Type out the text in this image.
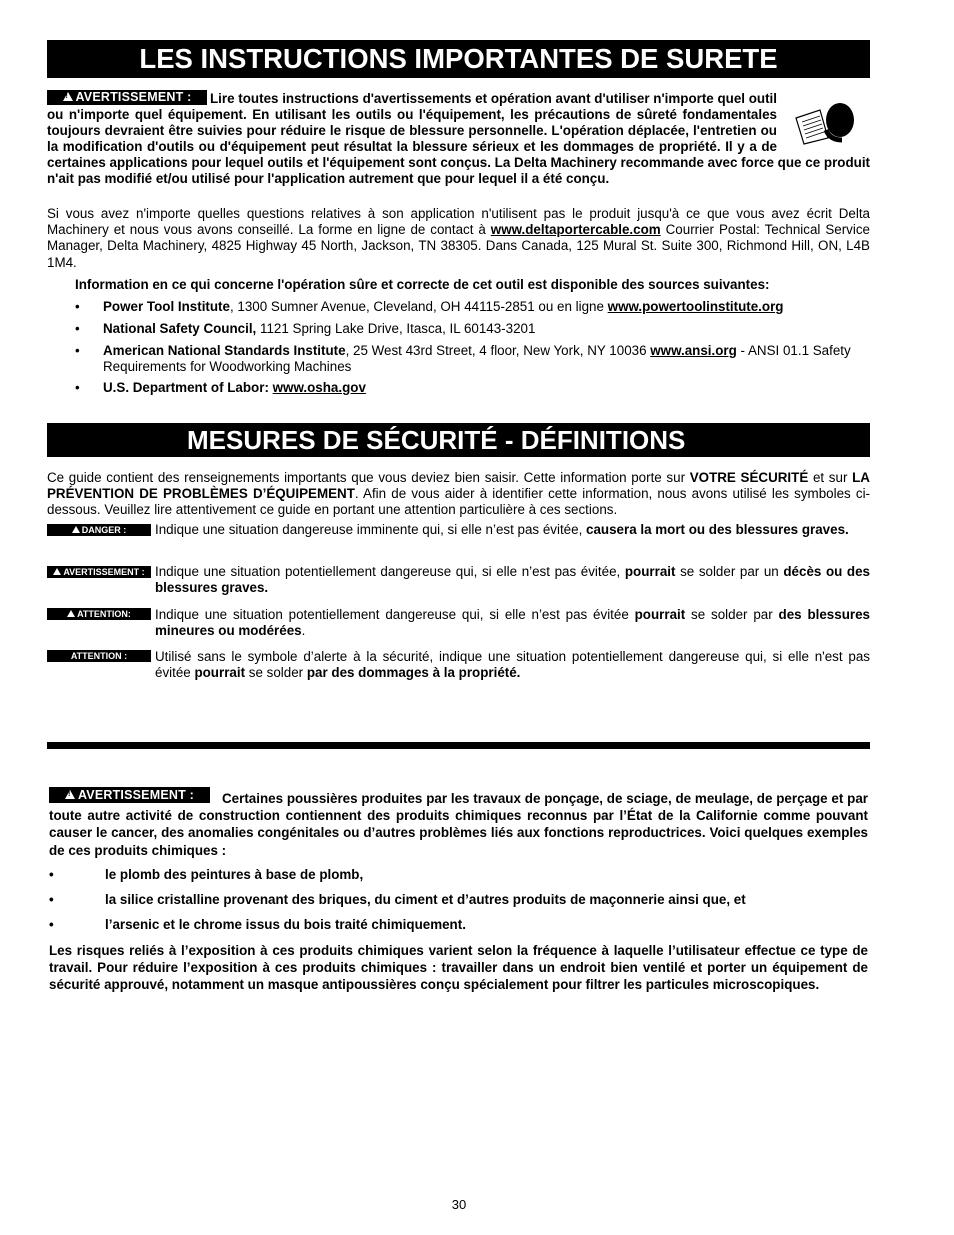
LES INSTRUCTIONS IMPORTANTES DE SURETE
!AVERTISSEMENT :	Lire toutes instructions d'avertissements et opération avant d'utiliser n'importe quel outil ou n'importe quel équipement. En utilisant les outils ou l'équipement, les précautions de sûreté fondamentales toujours devraient être suivies pour réduire le risque de blessure personnelle. L'opération déplacée, l'entretien ou la modification d'outils ou d'équipement peut résultat la blessure sérieux et les dommages de propriété. Il y a de certaines applications pour lequel outils et l'équipement sont conçus. La Delta Machinery recommande avec force que ce produit n'ait pas modifié et/ou utilisé pour l'application autrement que pour lequel il a été conçu.
Si vous avez n'importe quelles questions relatives à son application n'utilisent pas le produit jusqu'à ce que vous avez écrit Delta Machinery et nous vous avons conseillé. La forme en ligne de contact à www.deltaportercable.com Courrier Postal: Technical Service Manager, Delta Machinery, 4825 Highway 45 North, Jackson, TN 38305. Dans Canada, 125 Mural St. Suite 300, Richmond Hill, ON, L4B 1M4.
Information en ce qui concerne l'opération sûre et correcte de cet outil est disponible des sources suivantes:
• Power Tool Institute, 1300 Sumner Avenue, Cleveland, OH 44115-2851 ou en ligne www.powertoolinstitute.org
• National Safety Council, 1121 Spring Lake Drive, Itasca, IL 60143-3201
• American National Standards Institute, 25 West 43rd Street, 4 floor, New York, NY 10036 www.ansi.org - ANSI 01.1 Safety Requirements for Woodworking Machines
• U.S. Department of Labor: www.osha.gov
MESURES DE SÉCURITÉ - DÉFINITIONS
Ce guide contient des renseignements importants que vous deviez bien saisir. Cette information porte sur VOTRE SÉCURITÉ et sur LA PRÉVENTION DE PROBLÈMES D’ÉQUIPEMENT. Afin de vous aider à identifier cette information, nous avons utilisé les symboles ci-dessous. Veuillez lire attentivement ce guide en portant une attention particulière à ces sections.
DANGER :	Indique une situation dangereuse imminente qui, si elle n’est pas évitée, causera la mort ou des blessures graves.
AVERTISSEMENT : Indique une situation potentiellement dangereuse qui, si elle n’est pas évitée, pourrait se solder par un décès ou des blessures graves.
ATTENTION:	Indique une situation potentiellement dangereuse qui, si elle n’est pas évitée pourrait se solder par des blessures mineures ou modérées.
ATTENTION :	Utilisé sans le symbole d’alerte à la sécurité, indique une situation potentiellement dangereuse qui, si elle n'est pas évitée pourrait se solder par des dommages à la propriété.
!AVERTISSEMENT :	Certaines poussières produites par les travaux de ponçage, de sciage, de meulage, de perçage et par toute autre activité de construction contiennent des produits chimiques reconnus par l’État de la Californie comme pouvant causer le cancer, des anomalies congénitales ou d’autres problèmes liés aux fonctions reproductrices. Voici quelques exemples de ces produits chimiques :
•	le plomb des peintures à base de plomb,
•	la silice cristalline provenant des briques, du ciment et d’autres produits de maçonnerie ainsi que, et
•	l’arsenic et le chrome issus du bois traité chimiquement.
Les risques reliés à l’exposition à ces produits chimiques varient selon la fréquence à laquelle l’utilisateur effectue ce type de travail. Pour réduire l’exposition à ces produits chimiques : travailler dans un endroit bien ventilé et porter un équipement de sécurité approuvé, notamment un masque antipoussières conçu spécialement pour filtrer les particules microscopiques.
30
